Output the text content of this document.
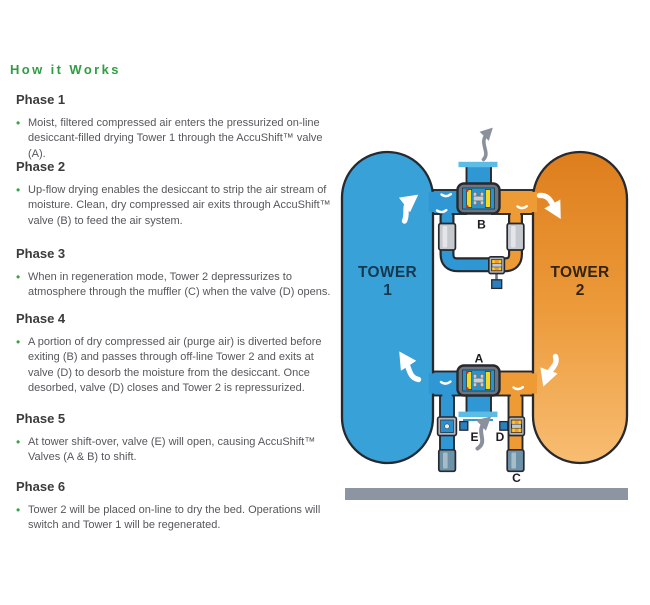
How it Works
Phase 1
• Moist, filtered compressed air enters the pressurized on-line desiccant-filled drying Tower 1 through the AccuShift™ valve (A).
Phase 2
• Up-flow drying enables the desiccant to strip the air stream of moisture. Clean, dry compressed air exits through AccuShift™ valve (B) to feed the air system.
Phase 3
• When in regeneration mode, Tower 2 depressurizes to atmosphere through the muffler (C) when the valve (D) opens.
Phase 4
• A portion of dry compressed air (purge air) is diverted before exiting (B) and passes through off-line Tower 2 and exits at valve (D) to desorb the moisture from the desiccant. Once desorbed, valve (D) closes and Tower 2 is repressurized.
Phase 5
• At tower shift-over, valve (E) will open, causing AccuShift™ Valves (A & B) to shift.
Phase 6
• Tower 2 will be placed on-line to dry the bed. Operations will switch and Tower 1 will be regenerated.
B
A
E D
C
TOWER
1
TOWER
2
